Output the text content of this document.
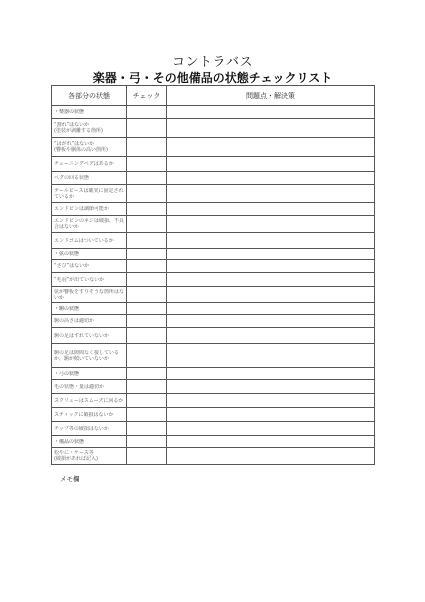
コントラバス
楽器・弓・その他備品の状態チェックリスト
各部分の状態	チェック	問題点・解決策

・楽器の状態		

“割れ”はないか
(塗装が剥離する箇所)		

“はがれ”はないか
(響板や胴体の高い箇所)		

チューニングペグはあるか		

ペグの回る状態		

テールピースは確実に固定されているか		

エンドピンは調節可能か		

エンドピンのネジは破損、不具合はないか		

エンドゴムはついているか		

・弦の状態		

“さび”はないか		

“毛羽”が出ていないか		

弦が響板をすりそうな箇所はないか		

・駒の状態		

駒の高さは適切か		

駒の足はずれていないか		

駒の足は隙間なく接しているか、駒が傾いていないか		

・弓の状態		

毛の状態・量は適切か		

スクリューはスムーズに回るか		

スティックに破損はないか		

チップ等の破損はないか		

・備品の状態		

松やに・ケース等
(破損があれば記入)		

メモ欄
